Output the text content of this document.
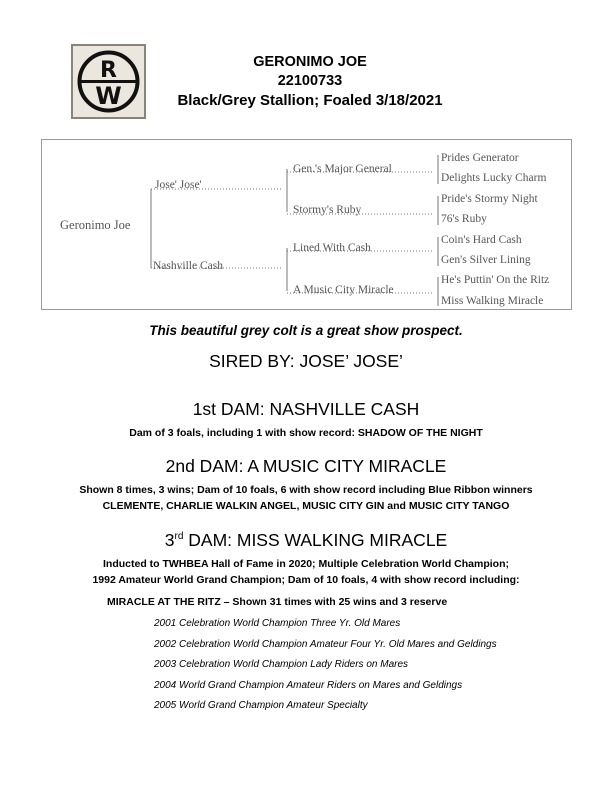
R
W
GERONIMO JOE
22100733
Black/Grey Stallion; Foaled 3/18/2021
Geronimo Joe
Jose' Jose'
Nashville Cash
Gen.'s Major General
Stormy's Ruby
Lined With Cash
A Music City Miracle
Prides Generator
Delights Lucky Charm
Pride's Stormy Night
76's Ruby
Coin's Hard Cash
Gen's Silver Lining
He's Puttin' On the Ritz
Miss Walking Miracle
This beautiful grey colt is a great show prospect.
SIRED BY: JOSE’ JOSE’
1st DAM: NASHVILLE CASH
Dam of 3 foals, including 1 with show record: SHADOW OF THE NIGHT
2nd DAM: A MUSIC CITY MIRACLE
Shown 8 times, 3 wins; Dam of 10 foals, 6 with show record including Blue Ribbon winners
CLEMENTE, CHARLIE WALKIN ANGEL, MUSIC CITY GIN and MUSIC CITY TANGO
3rd DAM: MISS WALKING MIRACLE
Inducted to TWHBEA Hall of Fame in 2020; Multiple Celebration World Champion;
1992 Amateur World Grand Champion; Dam of 10 foals, 4 with show record including:
MIRACLE AT THE RITZ – Shown 31 times with 25 wins and 3 reserve
2001 Celebration World Champion Three Yr. Old Mares
2002 Celebration World Champion Amateur Four Yr. Old Mares and Geldings
2003 Celebration World Champion Lady Riders on Mares
2004 World Grand Champion Amateur Riders on Mares and Geldings
2005 World Grand Champion Amateur Specialty
